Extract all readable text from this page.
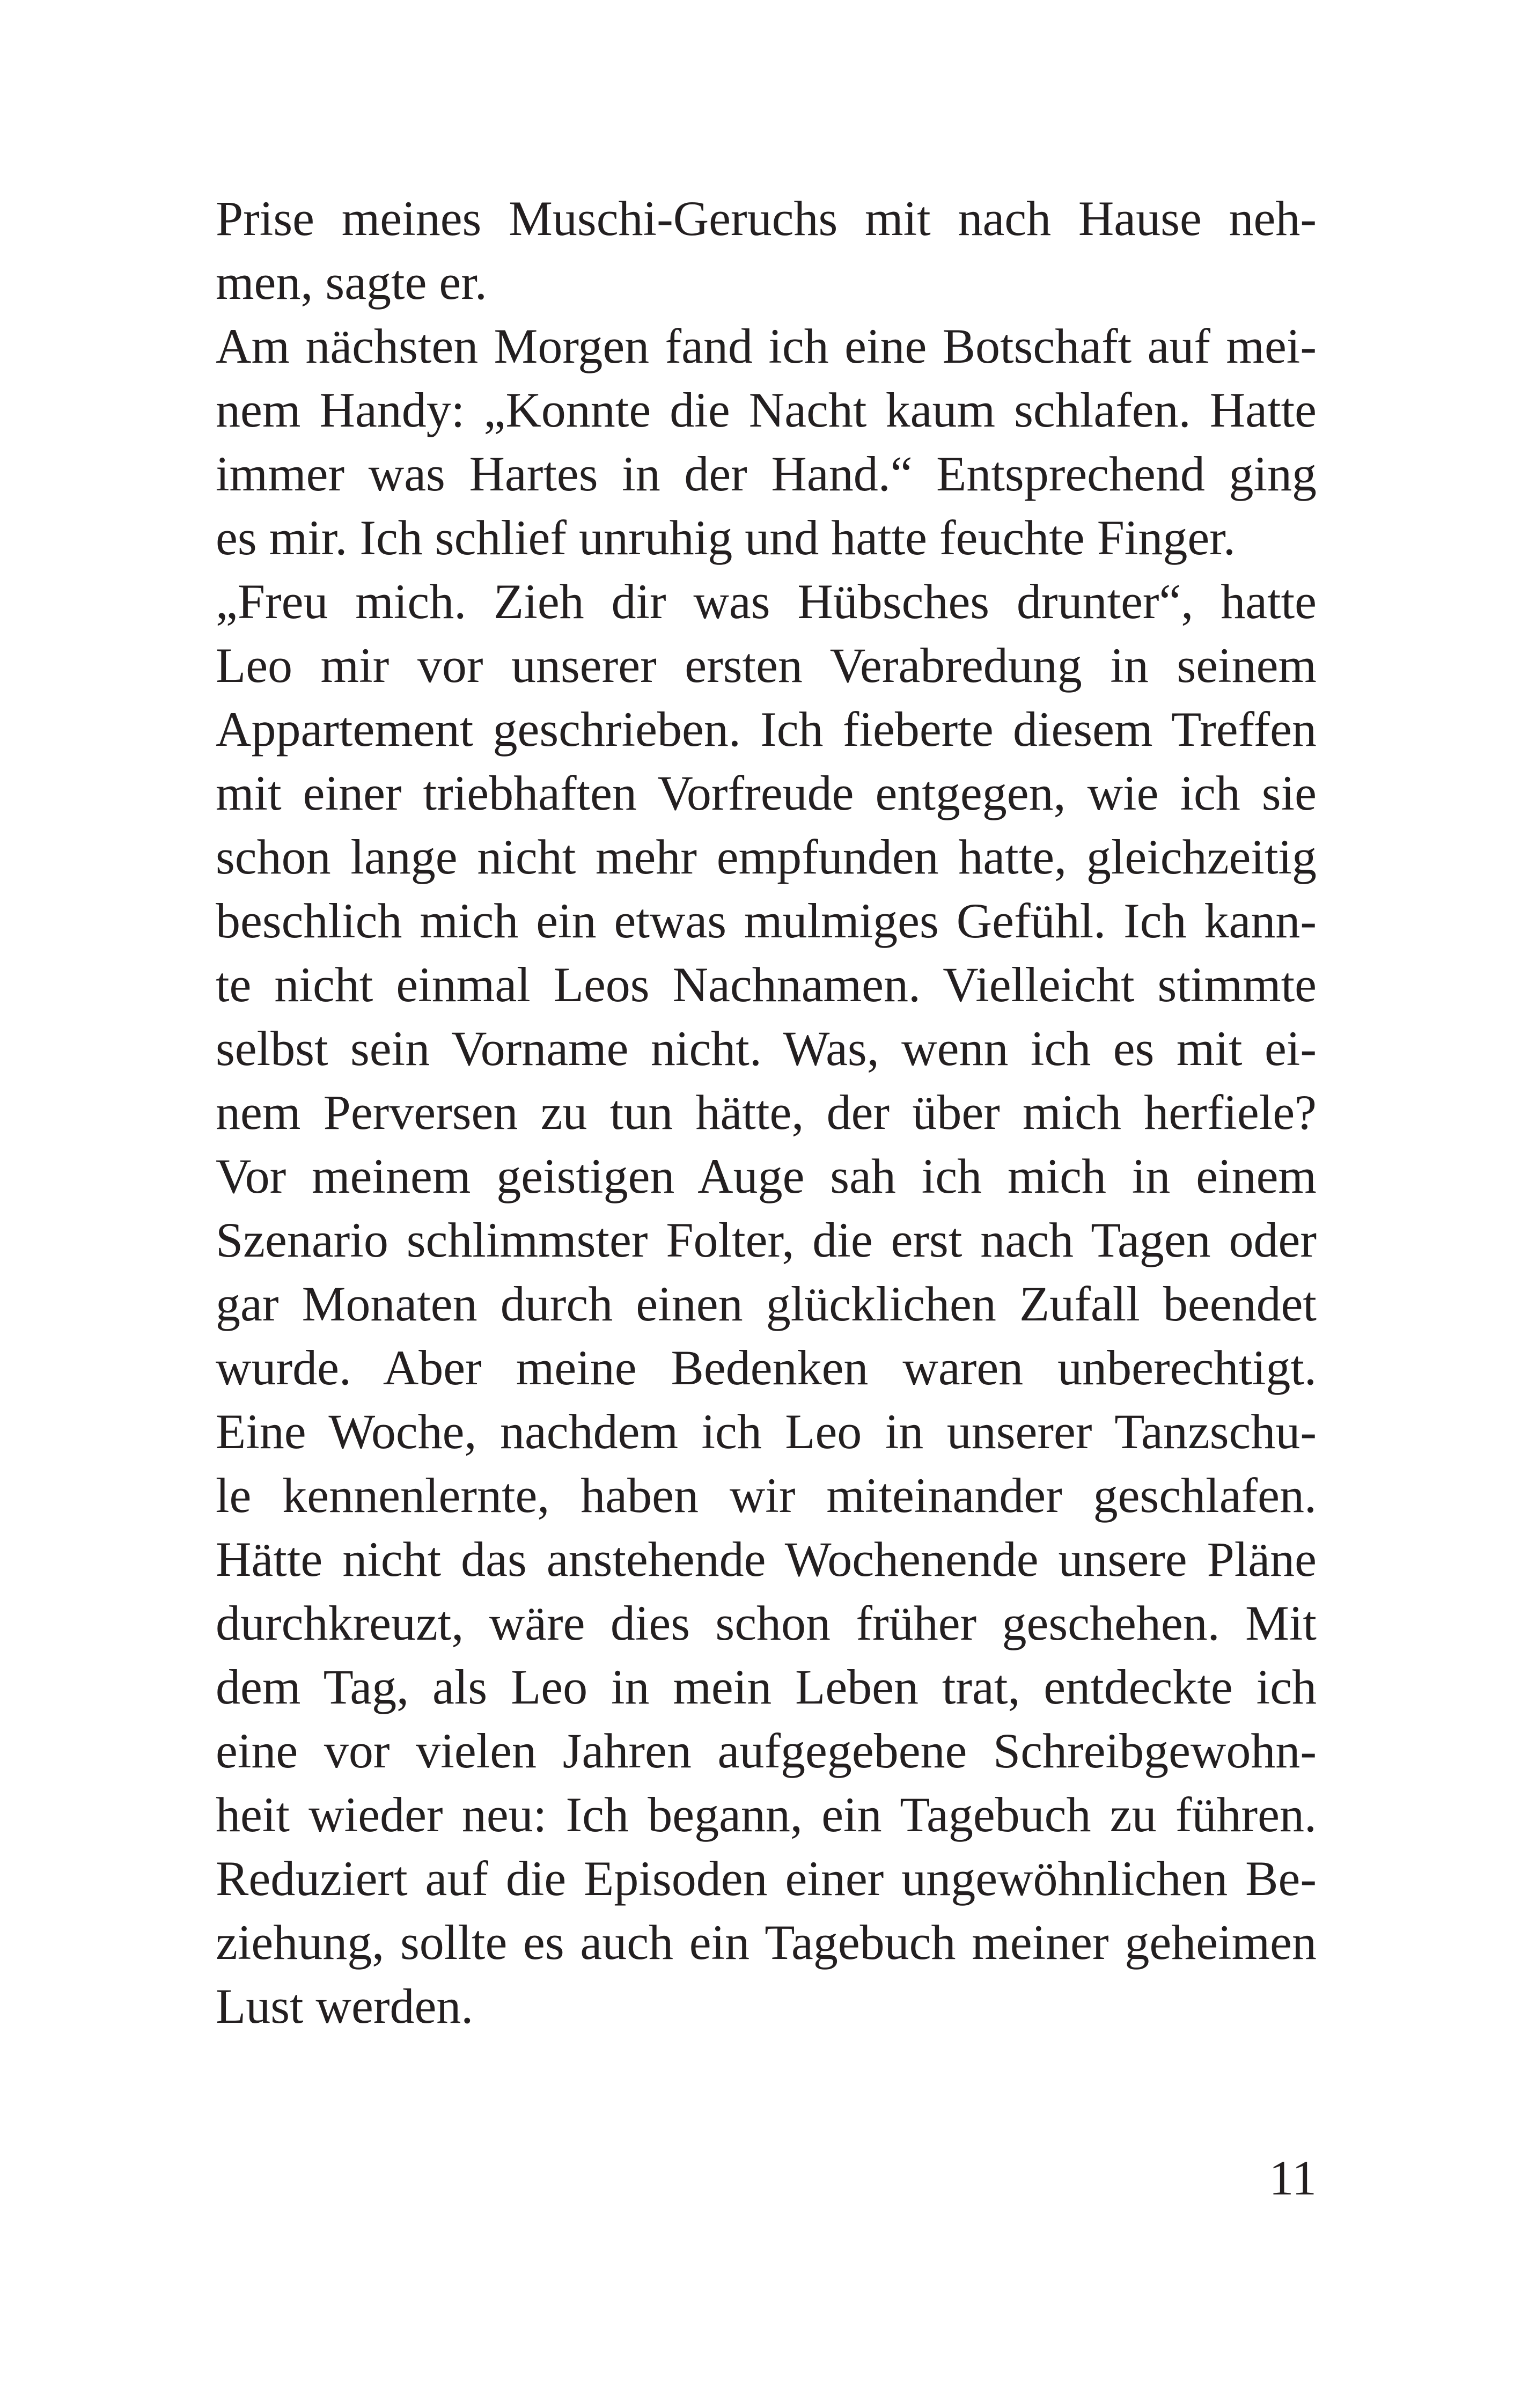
Prise meines Muschi-Geruchs mit nach Hause neh-
men, sagte er.
Am nächsten Morgen fand ich eine Botschaft auf mei-
nem Handy: „Konnte die Nacht kaum schlafen. Hatte
immer was Hartes in der Hand.“ Entsprechend ging
es mir. Ich schlief unruhig und hatte feuchte Finger.
„Freu mich. Zieh dir was Hübsches drunter“, hatte
Leo mir vor unserer ersten Verabredung in seinem
Appartement geschrieben. Ich fieberte diesem Treffen
mit einer triebhaften Vorfreude entgegen, wie ich sie
schon lange nicht mehr empfunden hatte, gleichzeitig
beschlich mich ein etwas mulmiges Gefühl. Ich kann-
te nicht einmal Leos Nachnamen. Vielleicht stimmte
selbst sein Vorname nicht. Was, wenn ich es mit ei-
nem Perversen zu tun hätte, der über mich herfiele?
Vor meinem geistigen Auge sah ich mich in einem
Szenario schlimmster Folter, die erst nach Tagen oder
gar Monaten durch einen glücklichen Zufall beendet
wurde. Aber meine Bedenken waren unberechtigt.
Eine Woche, nachdem ich Leo in unserer Tanzschu-
le kennenlernte, haben wir miteinander geschlafen.
Hätte nicht das anstehende Wochenende unsere Pläne
durchkreuzt, wäre dies schon früher geschehen. Mit
dem Tag, als Leo in mein Leben trat, entdeckte ich
eine vor vielen Jahren aufgegebene Schreibgewohn-
heit wieder neu: Ich begann, ein Tagebuch zu führen.
Reduziert auf die Episoden einer ungewöhnlichen Be-
ziehung, sollte es auch ein Tagebuch meiner geheimen
Lust werden.
11
